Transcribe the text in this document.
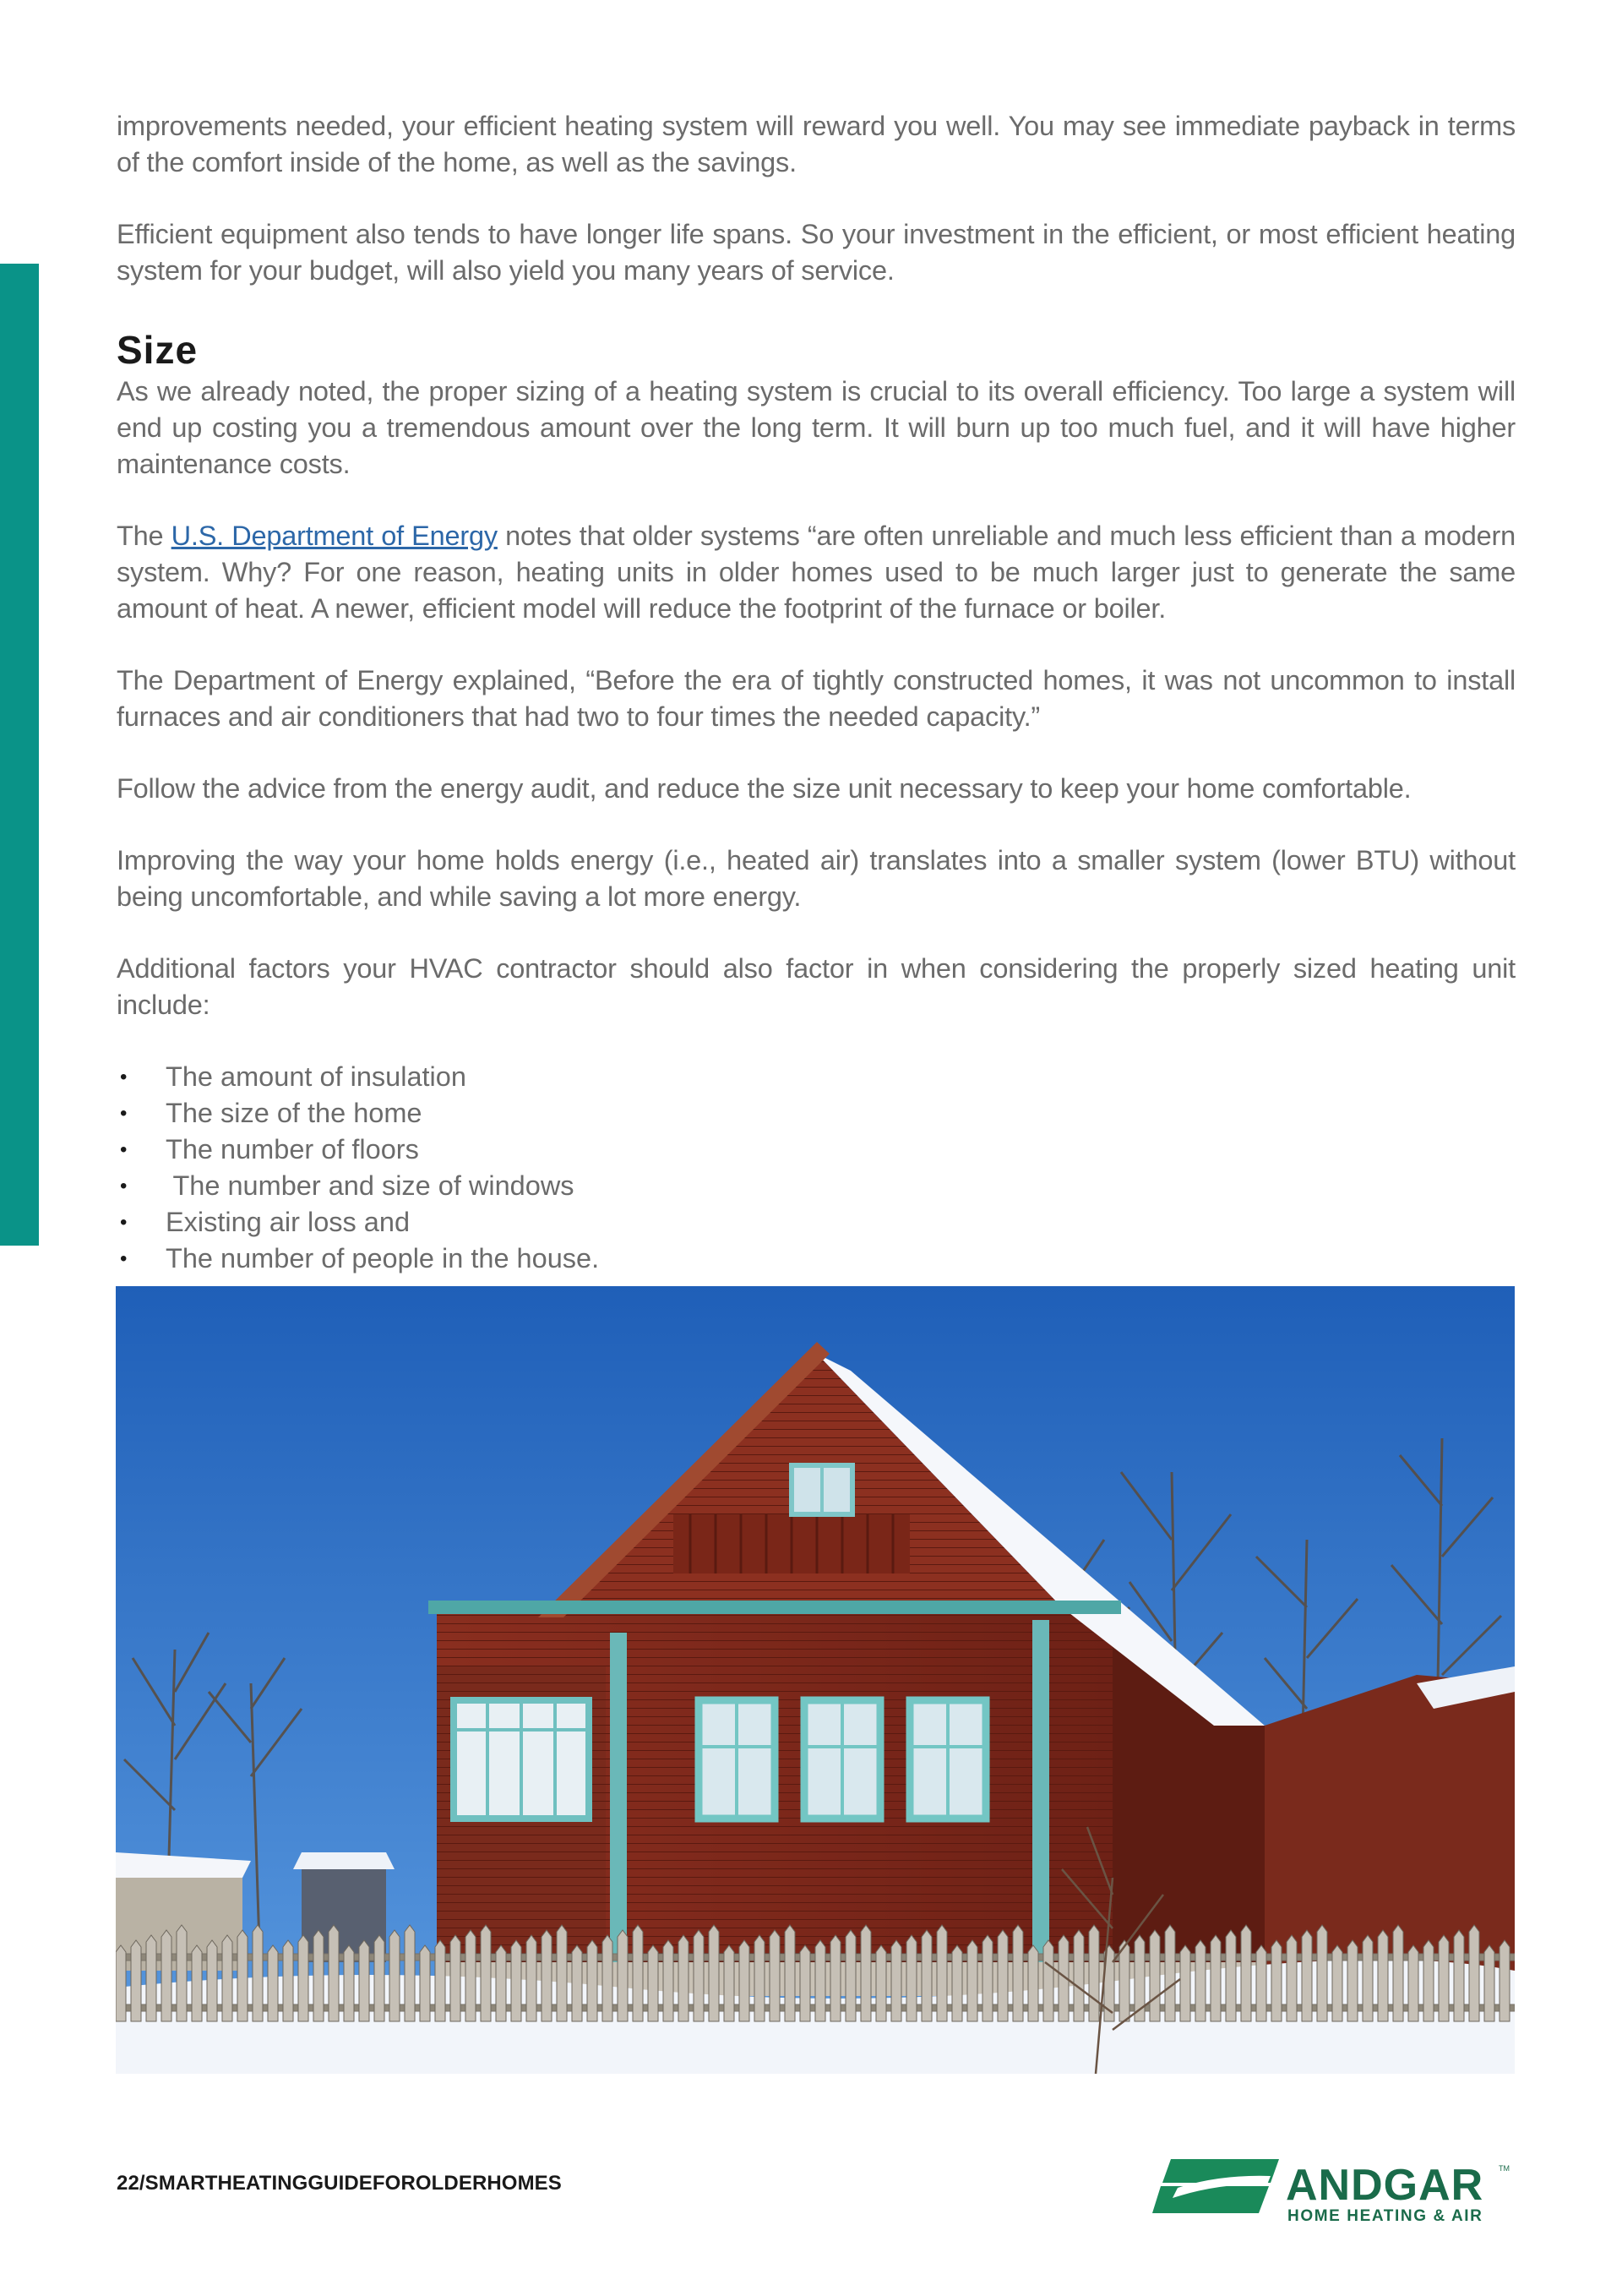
improvements needed, your efficient heating system will reward you well. You may see immediate payback in terms of the comfort inside of the home, as well as the savings.

Efficient equipment also tends to have longer life spans. So your investment in the efficient, or most efficient heating system for your budget, will also yield you many years of service.

Size

As we already noted, the proper sizing of a heating system is crucial to its overall efficiency. Too large a system will end up costing you a tremendous amount over the long term. It will burn up too much fuel, and it will have higher maintenance costs.

The U.S. Department of Energy notes that older systems “are often unreliable and much less efficient than a modern system. Why? For one reason, heating units in older homes used to be much larger just to generate the same amount of heat. A newer, efficient model will reduce the footprint of the furnace or boiler.

The Department of Energy explained, “Before the era of tightly constructed homes, it was not uncommon to install furnaces and air conditioners that had two to four times the needed capacity.”

Follow the advice from the energy audit, and reduce the size unit necessary to keep your home comfortable.

Improving the way your home holds energy (i.e., heated air) translates into a smaller system (lower BTU) without being uncomfortable, and while saving a lot more energy.

Additional factors your HVAC contractor should also factor in when considering the properly sized heating unit include:

• The amount of insulation
• The size of the home
• The number of floors
• The number and size of windows
• Existing air loss and
• The number of people in the house.
22/SMARTHEATINGGUIDEFOROLDERHOMES	ANDGAR TM
HOME HEATING & AIR
